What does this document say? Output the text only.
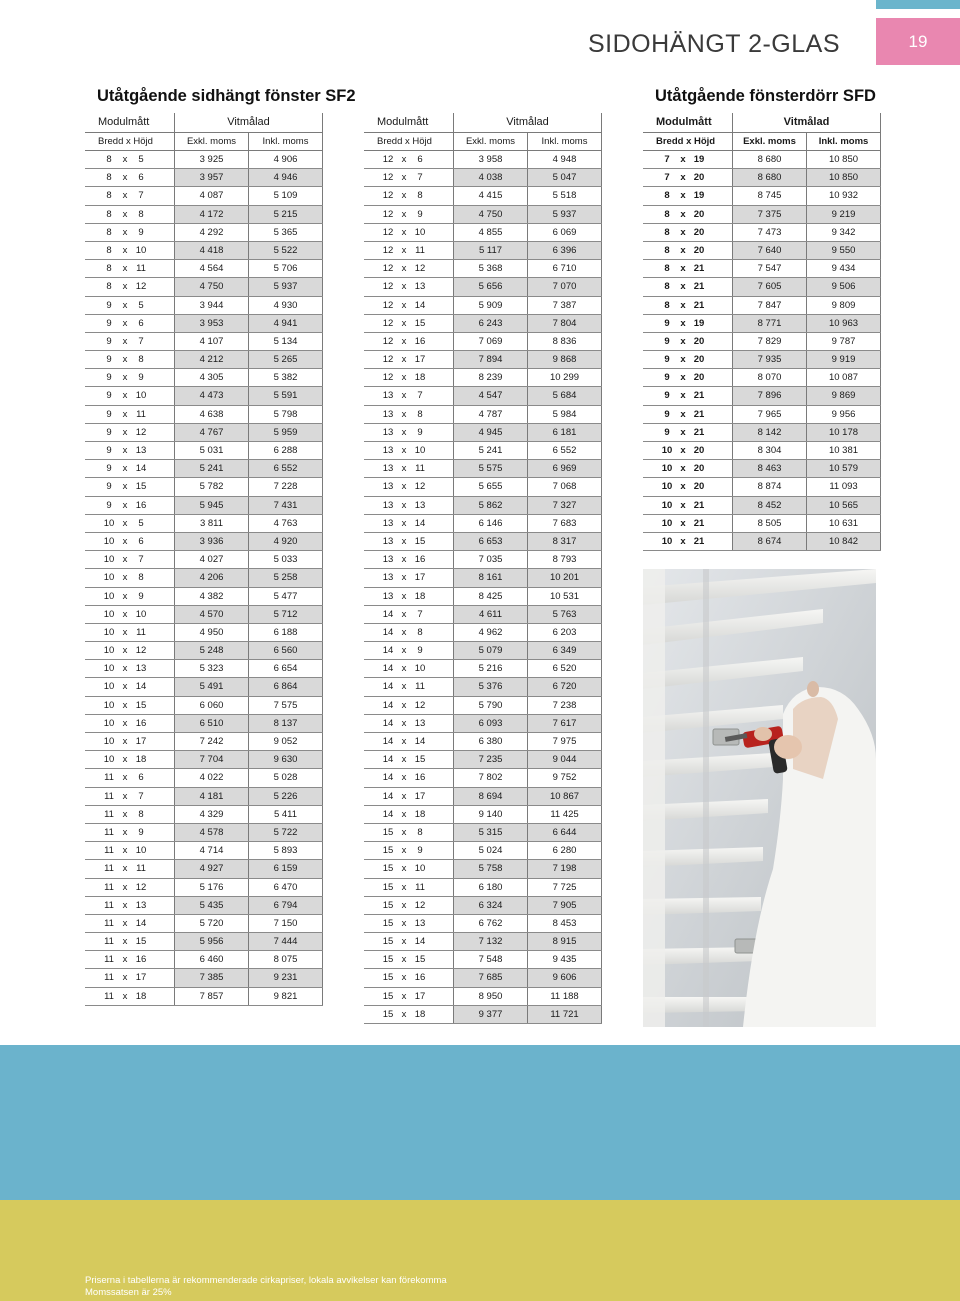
19
SIDOHÄNGT 2-GLAS
Utåtgående sidhängt fönster SF2	Utåtgående fönsterdörr SFD
Modulmått	Vitmålad
Bredd x Höjd	Exkl. moms	Inkl. moms
8	x	5	3 925	4 906
8	x	6	3 957	4 946
8	x	7	4 087	5 109
8	x	8	4 172	5 215
8	x	9	4 292	5 365
8	x 10	4 418	5 522
8	x 11	4 564	5 706
8	x 12	4 750	5 937
9	x	5	3 944	4 930
9	x	6	3 953	4 941
9	x	7	4 107	5 134
9	x	8	4 212	5 265
9	x	9	4 305	5 382
9	x 10	4 473	5 591
9	x 11	4 638	5 798
9	x 12	4 767	5 959
9	x 13	5 031	6 288
9	x 14	5 241	6 552
9	x 15	5 782	7 228
9	x 16	5 945	7 431
10 x	5	3 811	4 763
10 x	6	3 936	4 920
10 x	7	4 027	5 033
10 x	8	4 206	5 258
10 x	9	4 382	5 477
10 x 10	4 570	5 712
10 x 11	4 950	6 188
10 x 12	5 248	6 560
10 x 13	5 323	6 654
10 x 14	5 491	6 864
10 x 15	6 060	7 575
10 x 16	6 510	8 137
10 x 17	7 242	9 052
10 x 18	7 704	9 630
11 x	6	4 022	5 028
11 x	7	4 181	5 226
11 x	8	4 329	5 411
11 x	9	4 578	5 722
11 x 10	4 714	5 893
11 x 11	4 927	6 159
11 x 12	5 176	6 470
11 x 13	5 435	6 794
11 x 14	5 720	7 150
11 x 15	5 956	7 444
11 x 16	6 460	8 075
11 x 17	7 385	9 231
11 x 18	7 857	9 821
Modulmått	Vitmålad
Bredd x Höjd	Exkl. moms	Inkl. moms
12 x	6	3 958	4 948
12 x	7	4 038	5 047
12 x	8	4 415	5 518
12 x	9	4 750	5 937
12 x 10	4 855	6 069
12 x 11	5 117	6 396
12 x 12	5 368	6 710
12 x 13	5 656	7 070
12 x 14	5 909	7 387
12 x 15	6 243	7 804
12 x 16	7 069	8 836
12 x 17	7 894	9 868
12 x 18	8 239	10 299
13 x	7	4 547	5 684
13 x	8	4 787	5 984
13 x	9	4 945	6 181
13 x 10	5 241	6 552
13 x 11	5 575	6 969
13 x 12	5 655	7 068
13 x 13	5 862	7 327
13 x 14	6 146	7 683
13 x 15	6 653	8 317
13 x 16	7 035	8 793
13 x 17	8 161	10 201
13 x 18	8 425	10 531
14 x	7	4 611	5 763
14 x	8	4 962	6 203
14 x	9	5 079	6 349
14 x 10	5 216	6 520
14 x 11	5 376	6 720
14 x 12	5 790	7 238
14 x 13	6 093	7 617
14 x 14	6 380	7 975
14 x 15	7 235	9 044
14 x 16	7 802	9 752
14 x 17	8 694	10 867
14 x 18	9 140	11 425
15 x	8	5 315	6 644
15 x	9	5 024	6 280
15 x 10	5 758	7 198
15 x 11	6 180	7 725
15 x 12	6 324	7 905
15 x 13	6 762	8 453
15 x 14	7 132	8 915
15 x 15	7 548	9 435
15 x 16	7 685	9 606
15 x 17	8 950	11 188
15 x 18	9 377	11 721
Modulmått	Vitmålad
Bredd x Höjd	Exkl. moms	Inkl. moms
7	x 19	8 680	10 850
7	x 20	8 680	10 850
8	x 19	8 745	10 932
8	x 20	7 375	9 219
8	x 20	7 473	9 342
8	x 20	7 640	9 550
8	x 21	7 547	9 434
8	x 21	7 605	9 506
8	x 21	7 847	9 809
9	x 19	8 771	10 963
9	x 20	7 829	9 787
9	x 20	7 935	9 919
9	x 20	8 070	10 087
9	x 21	7 896	9 869
9	x 21	7 965	9 956
9	x 21	8 142	10 178
10 x 20	8 304	10 381
10 x 20	8 463	10 579
10 x 20	8 874	11 093
10 x 21	8 452	10 565
10 x 21	8 505	10 631
10 x 21	8 674	10 842
Priserna i tabellerna är rekommenderade cirkapriser, lokala avvikelser kan förekomma
Momssatsen är 25%
